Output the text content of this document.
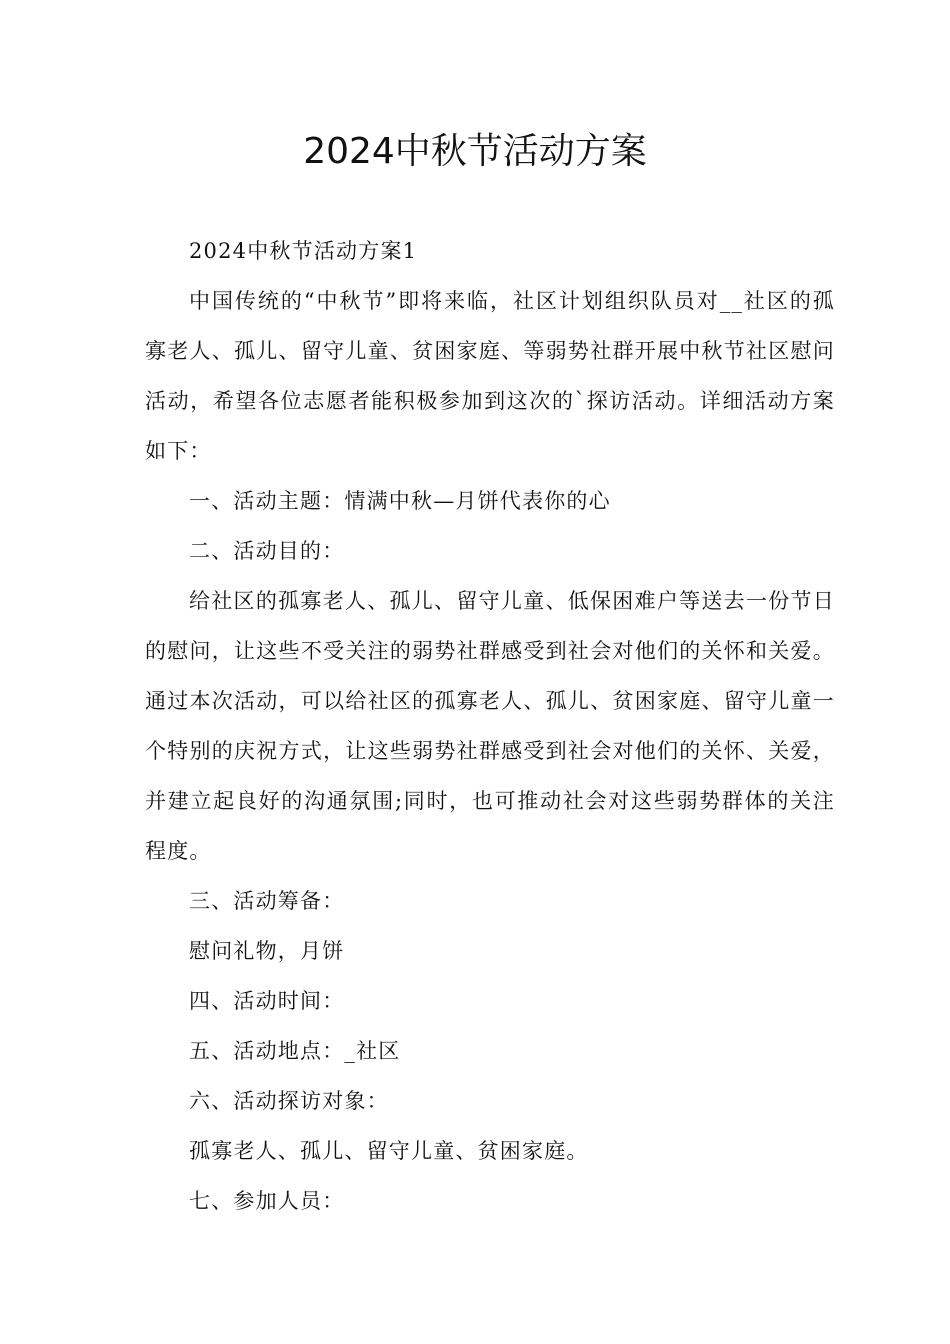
2024中秋节活动方案

2024中秋节活动方案1

中国传统的“中秋节”即将来临，社区计划组织队员对__社区的孤寡老人、孤儿、留守儿童、贫困家庭、等弱势社群开展中秋节社区慰问活动，希望各位志愿者能积极参加到这次的`探访活动。详细活动方案如下：

一、活动主题：情满中秋—月饼代表你的心

二、活动目的：

给社区的孤寡老人、孤儿、留守儿童、低保困难户等送去一份节日的慰问，让这些不受关注的弱势社群感受到社会对他们的关怀和关爱。通过本次活动，可以给社区的孤寡老人、孤儿、贫困家庭、留守儿童一个特别的庆祝方式，让这些弱势社群感受到社会对他们的关怀、关爱，并建立起良好的沟通氛围;同时，也可推动社会对这些弱势群体的关注程度。

三、活动筹备：

慰问礼物，月饼

四、活动时间：

五、活动地点：_社区

六、活动探访对象：

孤寡老人、孤儿、留守儿童、贫困家庭。

七、参加人员：
